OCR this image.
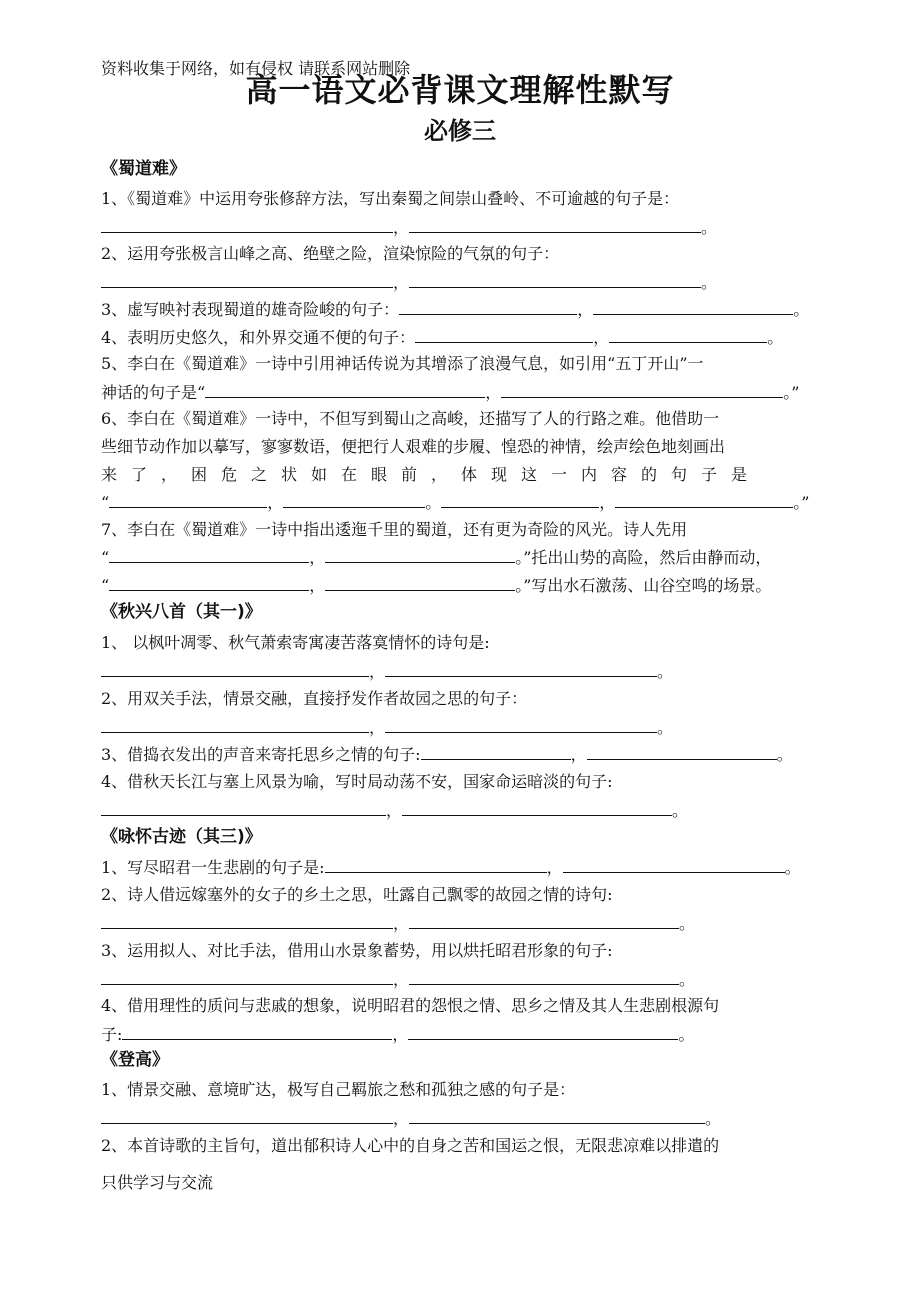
资料收集于网络，如有侵权 请联系网站删除
高一语文必背课文理解性默写
必修三
《蜀道难》
1、《蜀道难》中运用夸张修辞方法，写出秦蜀之间崇山叠岭、不可逾越的句子是：
，	。
2、运用夸张极言山峰之高、绝壁之险，渲染惊险的气氛的句子：
，	。
3、虚写映衬表现蜀道的雄奇险峻的句子：	，	。
4、表明历史悠久，和外界交通不便的句子：	，	。
5、李白在《蜀道难》一诗中引用神话传说为其增添了浪漫气息，如引用“五丁开山”一
神话的句子是“	，	。”
6、李白在《蜀道难》一诗中，不但写到蜀山之高峻，还描写了人的行路之难。他借助一
些细节动作加以摹写，寥寥数语，便把行人艰难的步履、惶恐的神情，绘声绘色地刻画出
来了，困危之状如在眼前，体现这一内容的句子是
“	，	。	，	。”
7、李白在《蜀道难》一诗中指出逶迤千里的蜀道，还有更为奇险的风光。诗人先用
“	，	。”托出山势的高险，然后由静而动，
“	，	。”写出水石激荡、山谷空鸣的场景。
《秋兴八首（其一)》
1、 以枫叶凋零、秋气萧索寄寓凄苦落寞情怀的诗句是:
，	。
2、用双关手法，情景交融，直接抒发作者故园之思的句子：
，	。
3、借捣衣发出的声音来寄托思乡之情的句子:	，	。
4、借秋天长江与塞上风景为喻，写时局动荡不安，国家命运暗淡的句子:
，	。
《咏怀古迹（其三)》
1、写尽昭君一生悲剧的句子是:	，	。
2、诗人借远嫁塞外的女子的乡土之思，吐露自己飘零的故园之情的诗句:
，	。
3、运用拟人、对比手法，借用山水景象蓄势，用以烘托昭君形象的句子:
，	。
4、借用理性的质问与悲戚的想象，说明昭君的怨恨之情、思乡之情及其人生悲剧根源句
子:	，	。
《登高》
1、情景交融、意境旷达，极写自己羁旅之愁和孤独之感的句子是：
，	。
2、本首诗歌的主旨句，道出郁积诗人心中的自身之苦和国运之恨，无限悲凉难以排遣的
只供学习与交流
